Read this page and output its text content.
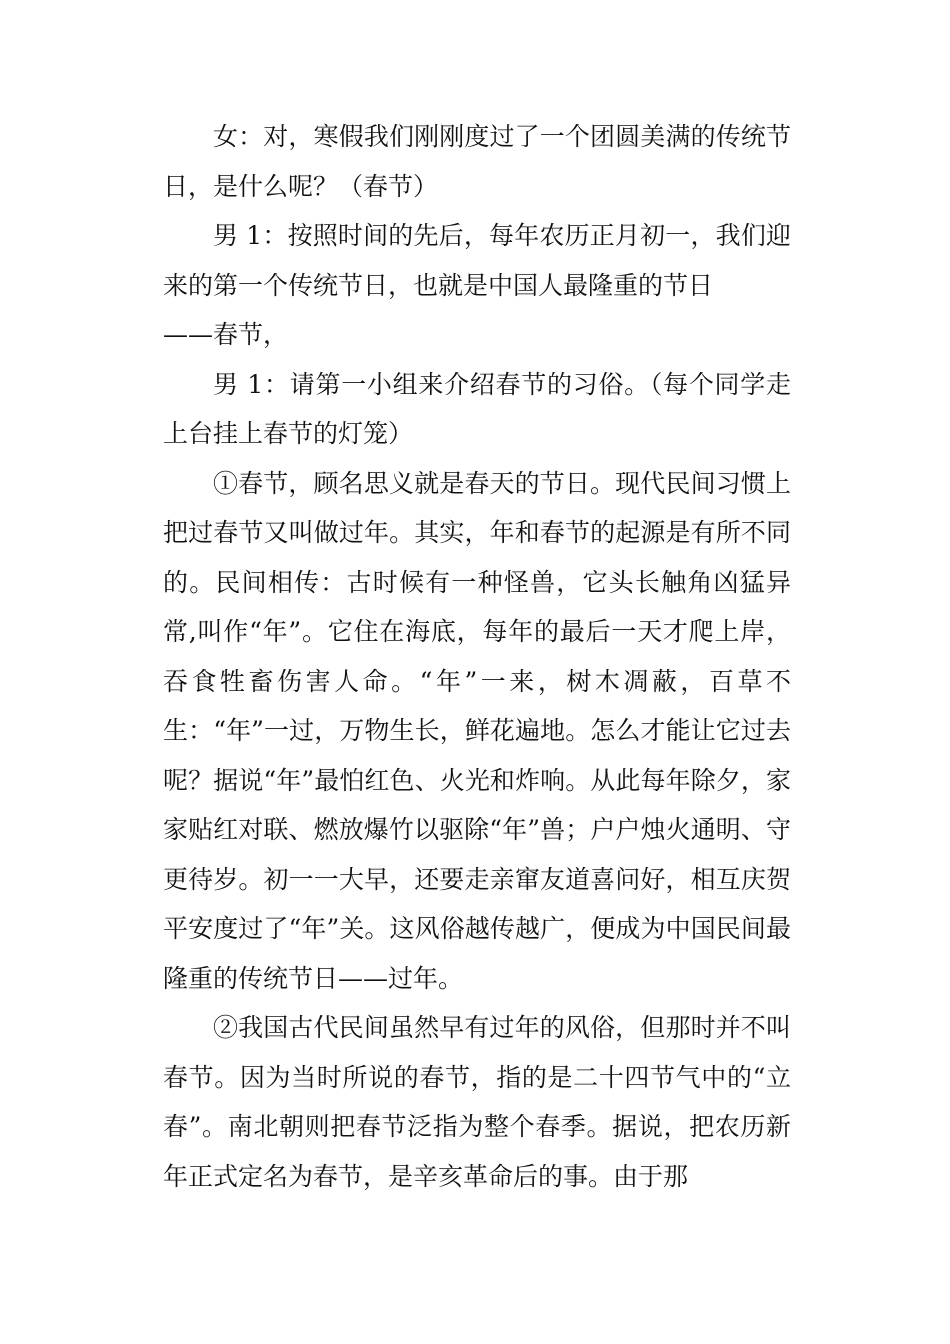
女：对，寒假我们刚刚度过了一个团圆美满的传统节日，是什么呢？（春节）

男 1：按照时间的先后，每年农历正月初一，我们迎来的第一个传统节日，也就是中国人最隆重的节日

——春节，

男 1：请第一小组来介绍春节的习俗。（每个同学走上台挂上春节的灯笼）

①春节，顾名思义就是春天的节日。现代民间习惯上把过春节又叫做过年。其实，年和春节的起源是有所不同的。民间相传：古时候有一种怪兽，它头长触角凶猛异常,叫作“年”。它住在海底，每年的最后一天才爬上岸，吞食牲畜伤害人命。“年”一来，树木凋蔽，百草不生：“年”一过，万物生长，鲜花遍地。怎么才能让它过去呢？据说“年”最怕红色、火光和炸响。从此每年除夕，家家贴红对联、燃放爆竹以驱除“年”兽；户户烛火通明、守更待岁。初一一大早，还要走亲窜友道喜问好，相互庆贺平安度过了“年”关。这风俗越传越广，便成为中国民间最隆重的传统节日——过年。

②我国古代民间虽然早有过年的风俗，但那时并不叫春节。因为当时所说的春节，指的是二十四节气中的“立春”。南北朝则把春节泛指为整个春季。据说，把农历新年正式定名为春节，是辛亥革命后的事。由于那
